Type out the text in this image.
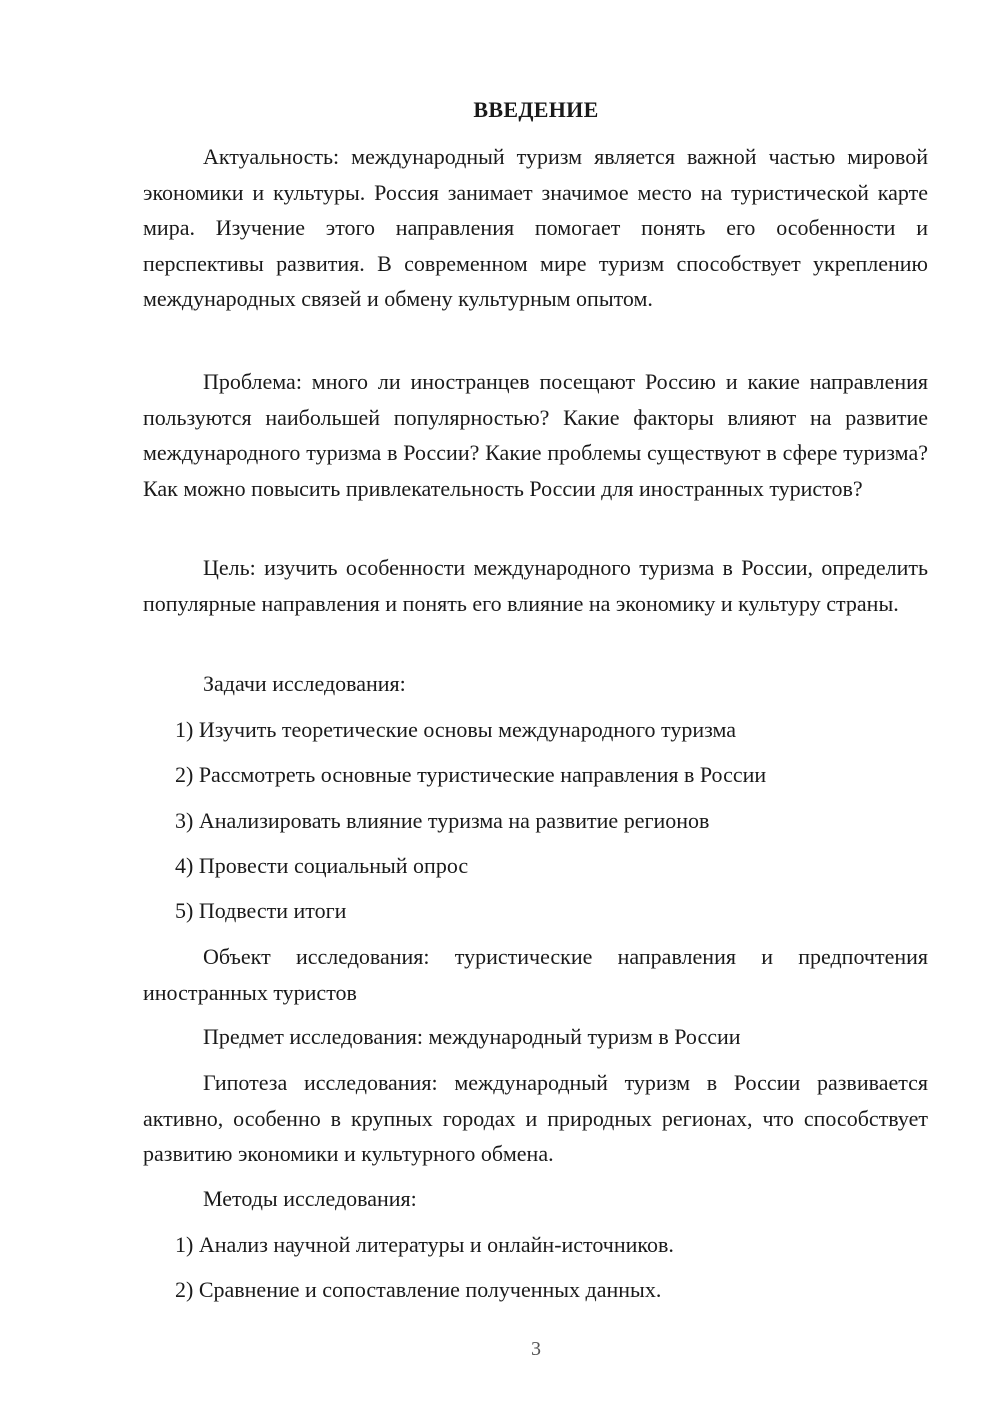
ВВЕДЕНИЕ

Актуальность: международный туризм является важной частью мировой экономики и культуры. Россия занимает значимое место на туристической карте мира. Изучение этого направления помогает понять его особенности и перспективы развития. В современном мире туризм способствует укреплению международных связей и обмену культурным опытом.

Проблема: много ли иностранцев посещают Россию и какие направления пользуются наибольшей популярностью? Какие факторы влияют на развитие международного туризма в России? Какие проблемы существуют в сфере туризма? Как можно повысить привлекательность России для иностранных туристов?

Цель: изучить особенности международного туризма в России, определить популярные направления и понять его влияние на экономику и культуру страны.

Задачи исследования:

1) Изучить теоретические основы международного туризма
2) Рассмотреть основные туристические направления в России
3) Анализировать влияние туризма на развитие регионов
4) Провести социальный опрос
5) Подвести итоги

Объект исследования: туристические направления и предпочтения иностранных туристов

Предмет исследования: международный туризм в России

Гипотеза исследования: международный туризм в России развивается активно, особенно в крупных городах и природных регионах, что способствует развитию экономики и культурного обмена.

Методы исследования:

1) Анализ научной литературы и онлайн-источников.
2) Сравнение и сопоставление полученных данных.
3
